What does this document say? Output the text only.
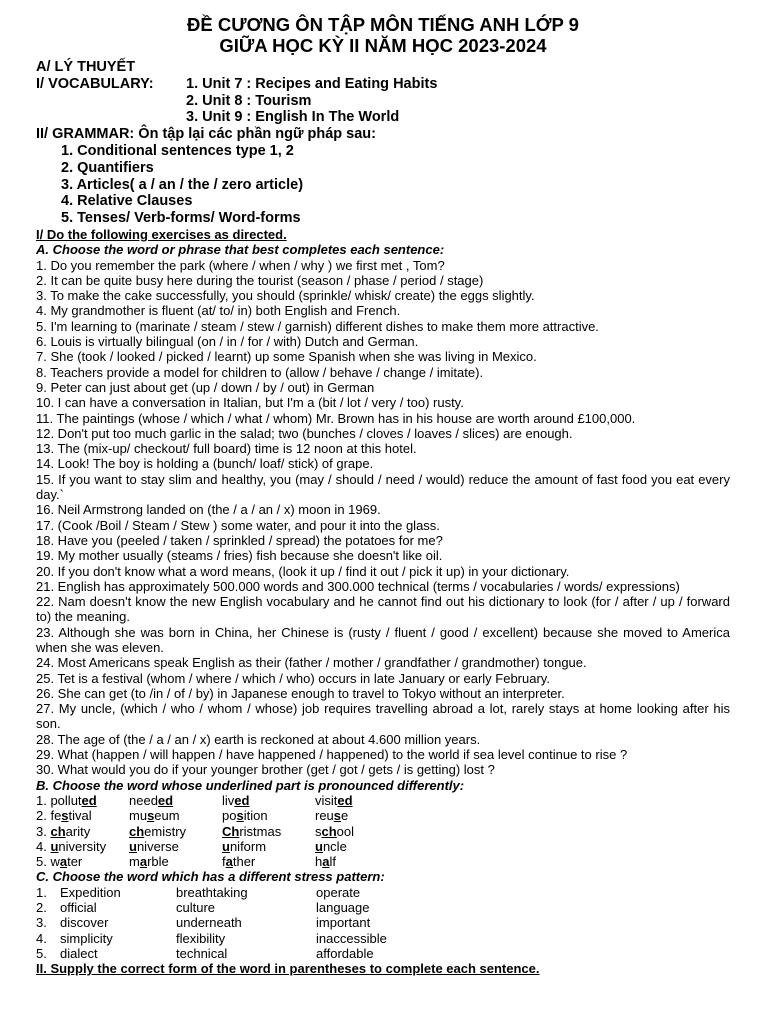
ĐỀ CƯƠNG ÔN TẬP MÔN TIẾNG ANH LỚP 9
GIỮA HỌC KỲ II NĂM HỌC 2023-2024
A/ LÝ THUYẾT
I/ VOCABULARY:	1. Unit 7 : Recipes and Eating Habits
2. Unit 8 : Tourism
3. Unit 9 : English In The World
II/ GRAMMAR: Ôn tập lại các phần ngữ pháp sau:
1. Conditional sentences type 1, 2
2. Quantifiers
3. Articles( a / an / the / zero article)
4. Relative Clauses
5. Tenses/ Verb-forms/ Word-forms
I/ Do the following exercises as directed.
A. Choose the word or phrase that best completes each sentence:
1. Do you remember the park (where / when / why ) we first met , Tom?
2. It can be quite busy here during the tourist (season / phase / period / stage)
3. To make the cake successfully, you should (sprinkle/ whisk/ create) the eggs slightly.
4. My grandmother is fluent (at/ to/ in) both English and French.
5. I'm learning to (marinate / steam / stew / garnish) different dishes to make them more attractive.
6. Louis is virtually bilingual (on / in / for / with) Dutch and German.
7. She (took / looked / picked / learnt) up some Spanish when she was living in Mexico.
8. Teachers provide a model for children to (allow / behave / change / imitate).
9. Peter can just about get (up / down / by / out) in German
10. I can have a conversation in Italian, but I'm a (bit / lot / very / too) rusty.
11. The paintings (whose / which / what / whom) Mr. Brown has in his house are worth around £100,000.
12. Don't put too much garlic in the salad; two (bunches / cloves / loaves / slices) are enough.
13. The (mix-up/ checkout/ full board) time is 12 noon at this hotel.
14. Look! The boy is holding a (bunch/ loaf/ stick) of grape.
15. If you want to stay slim and healthy, you (may / should / need / would) reduce the amount of fast food you eat every day.`
16. Neil Armstrong landed on (the / a / an / x) moon in 1969.
17. (Cook /Boil / Steam / Stew ) some water, and pour it into the glass.
18. Have you (peeled / taken / sprinkled / spread) the potatoes for me?
19. My mother usually (steams / fries) fish because she doesn't like oil.
20. If you don't know what a word means, (look it up / find it out / pick it up) in your dictionary.
21. English has approximately 500.000 words and 300.000 technical (terms / vocabularies / words/ expressions)
22. Nam doesn't know the new English vocabulary and he cannot find out his dictionary to look (for / after / up / forward to) the meaning.
23. Although she was born in China, her Chinese is (rusty / fluent / good / excellent) because she moved to America when she was eleven.
24. Most Americans speak English as their (father / mother / grandfather / grandmother) tongue.
25. Tet is a festival (whom / where / which / who) occurs in late January or early February.
26. She can get (to /in / of / by) in Japanese enough to travel to Tokyo without an interpreter.
27. My uncle, (which / who / whom / whose) job requires travelling abroad a lot, rarely stays at home looking after his son.
28. The age of (the / a / an / x) earth is reckoned at about 4.600 million years.
29. What (happen / will happen / have happened / happened) to the world if sea level continue to rise ?
30. What would you do if your younger brother (get / got / gets / is getting) lost ?
B. Choose the word whose underlined part is pronounced differently:
1. polluted	needed	lived	visited
2. festival	museum	position	reuse
3. charity	chemistry	Christmas	school
4. university	universe	uniform	uncle
5. water	marble	father	half
C. Choose the word which has a different stress pattern:
1. Expedition	breathtaking	operate
2. official	culture	language
3. discover	underneath	important
4. simplicity	flexibility	inaccessible
5. dialect	technical	affordable
II. Supply the correct form of the word in parentheses to complete each sentence.
